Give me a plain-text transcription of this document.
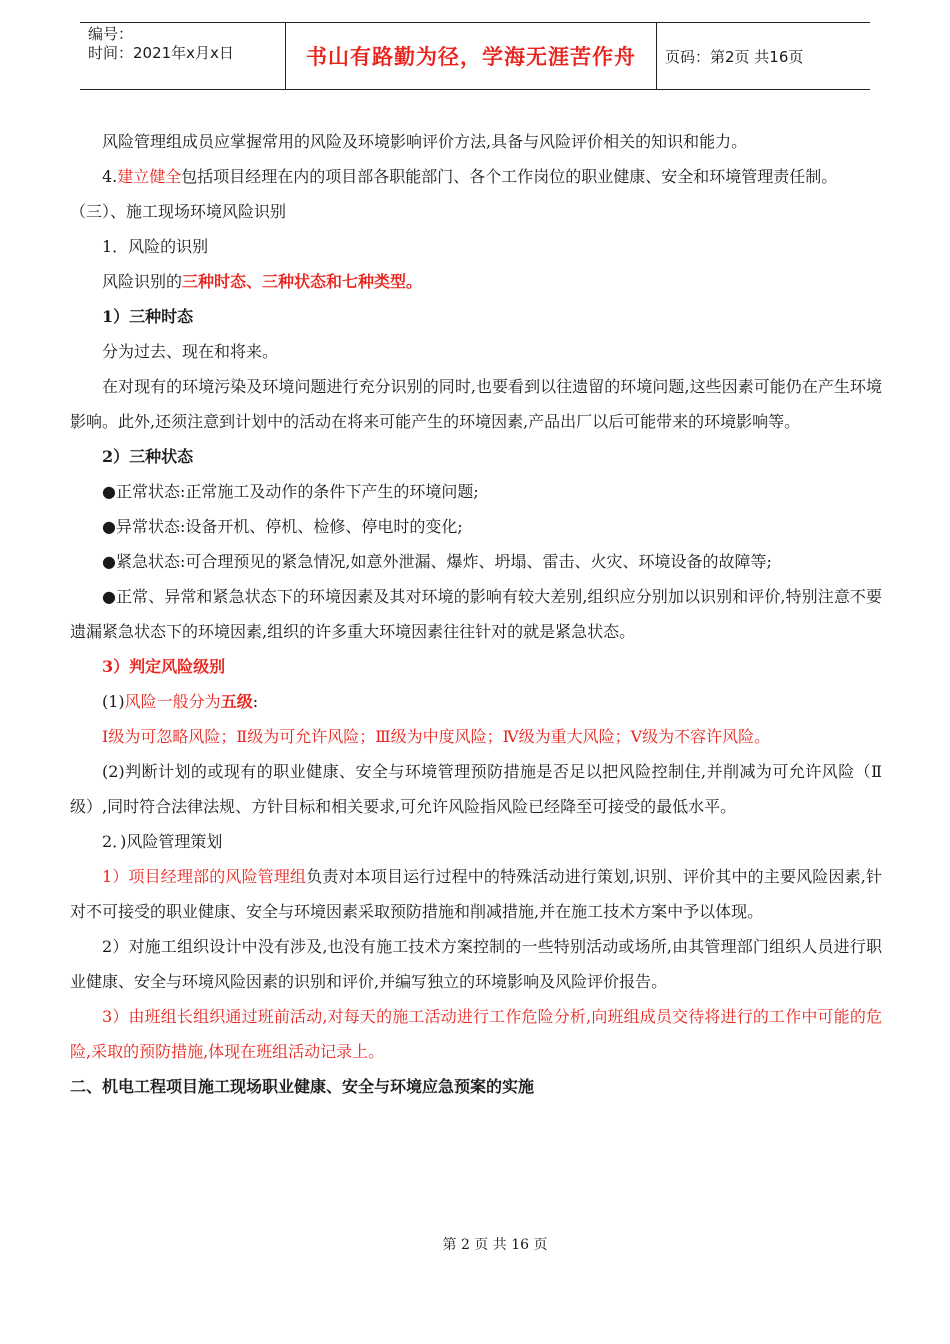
编号：
时间：2021年x月x日	书山有路勤为径，学海无涯苦作舟	页码：第2页 共16页

风险管理组成员应掌握常用的风险及环境影响评价方法,具备与风险评价相关的知识和能力。

4.建立健全包括项目经理在内的项目部各职能部门、各个工作岗位的职业健康、安全和环境管理责任制。

（三）、施工现场环境风险识别

1．风险的识别

风险识别的三种时态、三种状态和七种类型。

1）三种时态

分为过去、现在和将来。

在对现有的环境污染及环境问题进行充分识别的同时,也要看到以往遗留的环境问题,这些因素可能仍在产生环境影响。此外,还须注意到计划中的活动在将来可能产生的环境因素,产品出厂以后可能带来的环境影响等。

2）三种状态

●正常状态:正常施工及动作的条件下产生的环境问题;

●异常状态:设备开机、停机、检修、停电时的变化;

●紧急状态:可合理预见的紧急情况,如意外泄漏、爆炸、坍塌、雷击、火灾、环境设备的故障等;

●正常、异常和紧急状态下的环境因素及其对环境的影响有较大差别,组织应分别加以识别和评价,特别注意不要遗漏紧急状态下的环境因素,组织的许多重大环境因素往往针对的就是紧急状态。

3）判定风险级别

(1)风险一般分为五级:

Ⅰ级为可忽略风险；Ⅱ级为可允许风险；Ⅲ级为中度风险；Ⅳ级为重大风险；Ⅴ级为不容许风险。

(2)判断计划的或现有的职业健康、安全与环境管理预防措施是否足以把风险控制住,并削减为可允许风险（Ⅱ级）,同时符合法律法规、方针目标和相关要求,可允许风险指风险已经降至可接受的最低水平。

2．)风险管理策划

1）项目经理部的风险管理组负责对本项目运行过程中的特殊活动进行策划,识别、评价其中的主要风险因素,针对不可接受的职业健康、安全与环境因素采取预防措施和削减措施,并在施工技术方案中予以体现。

2）对施工组织设计中没有涉及,也没有施工技术方案控制的一些特别活动或场所,由其管理部门组织人员进行职业健康、安全与环境风险因素的识别和评价,并编写独立的环境影响及风险评价报告。

3）由班组长组织通过班前活动,对每天的施工活动进行工作危险分析,向班组成员交待将进行的工作中可能的危险,采取的预防措施,体现在班组活动记录上。

二、机电工程项目施工现场职业健康、安全与环境应急预案的实施

第 2 页 共 16 页
